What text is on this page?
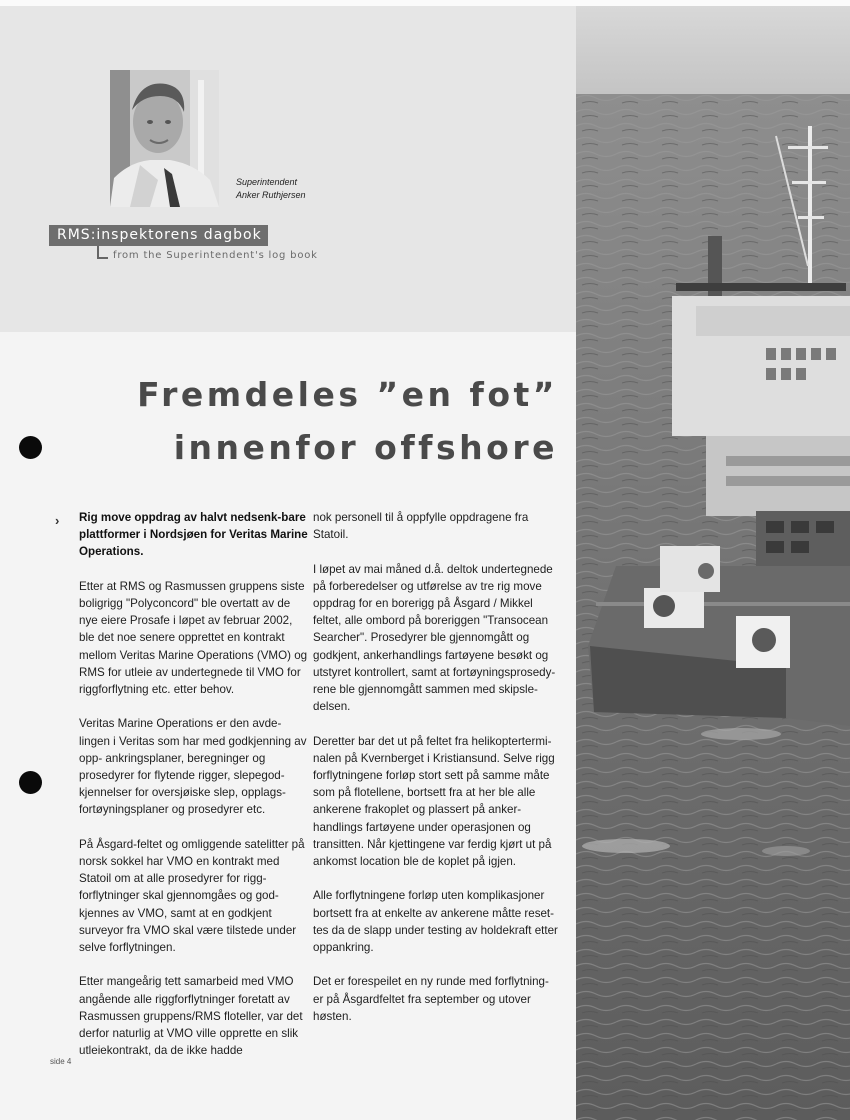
Superintendent
Anker Ruthjersen
RMS:inspektorens dagbok
from the Superintendent's log book
Fremdeles ”en fot”
innenfor offshore
› Rig move oppdrag av halvt nedsenk-bare plattformer i Nordsjøen for Veritas Marine Operations.

Etter at RMS og Rasmussen gruppens siste boligrigg "Polyconcord" ble overtatt av de nye eiere Prosafe i løpet av februar 2002, ble det noe senere opprettet en kontrakt mellom Veritas Marine Operations (VMO) og RMS for utleie av undertegnede til VMO for riggforflytning etc. etter behov.

Veritas Marine Operations er den avde-lingen i Veritas som har med godkjenning av opp- ankringsplaner, beregninger og prosedyrer for flytende rigger, slepegod-kjennelser for oversjøiske slep, opplags-fortøyningsplaner og prosedyrer etc.

På Åsgard-feltet og omliggende satelitter på norsk sokkel har VMO en kontrakt med Statoil om at alle prosedyrer for rigg-forflytninger skal gjennomgåes og god-kjennes av VMO, samt at en godkjent surveyor fra VMO skal være tilstede under selve forflytningen.

Etter mangeårig tett samarbeid med VMO angående alle riggforflytninger foretatt av Rasmussen gruppens/RMS floteller, var det derfor naturlig at VMO ville opprette en slik utleiekontrakt, da de ikke hadde

nok personell til å oppfylle oppdragene fra Statoil.

I løpet av mai måned d.å. deltok undertegnede på forberedelser og utførelse av tre rig move oppdrag for en borerigg på Åsgard / Mikkel feltet, alle ombord på boreriggen "Transocean Searcher". Prosedyrer ble gjennomgått og godkjent, ankerhandlings fartøyene besøkt og utstyret kontrollert, samt at fortøyningsprosedy-rene ble gjennomgått sammen med skipsle-delsen.

Deretter bar det ut på feltet fra helikoptertermi-nalen på Kvernberget i Kristiansund. Selve rigg forflytningene forløp stort sett på samme måte som på flotellene, bortsett fra at her ble alle ankerene frakoplet og plassert på anker-handlings fartøyene under operasjonen og transitten. Når kjettingene var ferdig kjørt ut på ankomst location ble de koplet på igjen.

Alle forflytningene forløp uten komplikasjoner bortsett fra at enkelte av ankerene måtte reset-tes da de slapp under testing av holdekraft etter oppankring.

Det er forespeilet en ny runde med forflytning-er på Åsgardfeltet fra september og utover høsten.

side 4
